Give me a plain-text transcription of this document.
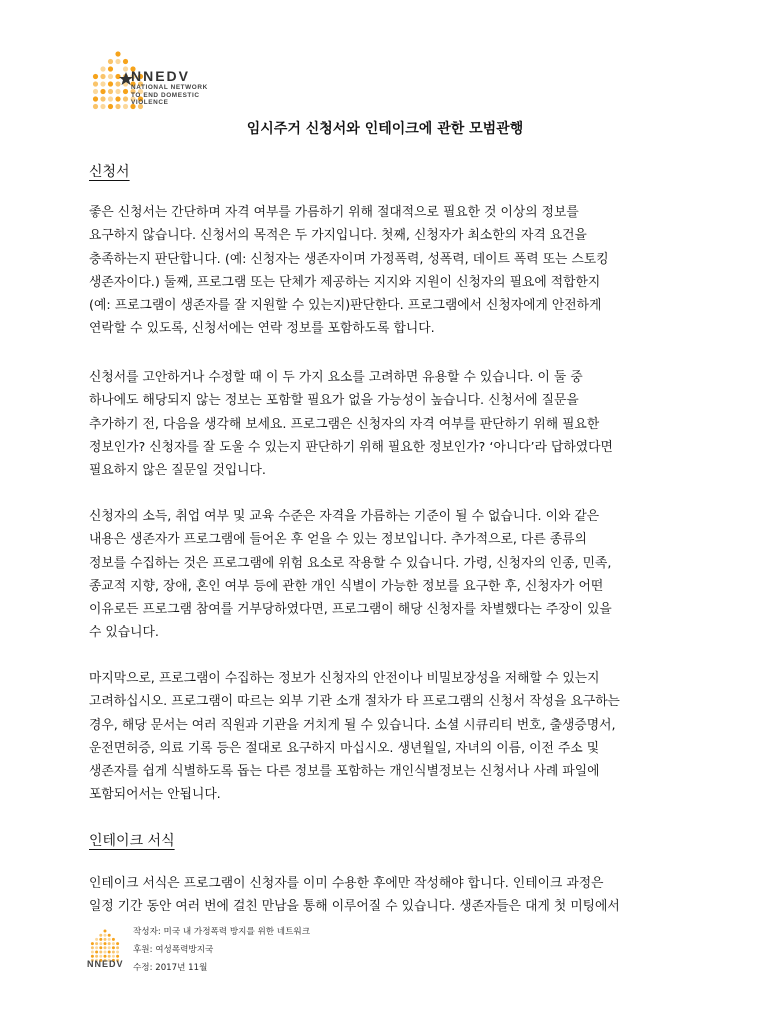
NNEDV
NATIONAL NETWORK
TO END DOMESTIC
VIOLENCE
임시주거 신청서와 인테이크에 관한 모범관행
신청서
좋은 신청서는 간단하며 자격 여부를 가름하기 위해 절대적으로 필요한 것 이상의 정보를
요구하지 않습니다. 신청서의 목적은 두 가지입니다. 첫째, 신청자가 최소한의 자격 요건을
충족하는지 판단합니다. (예: 신청자는 생존자이며 가정폭력, 성폭력, 데이트 폭력 또는 스토킹
생존자이다.) 둘째, 프로그램 또는 단체가 제공하는 지지와 지원이 신청자의 필요에 적합한지
(예: 프로그램이 생존자를 잘 지원할 수 있는지)판단한다. 프로그램에서 신청자에게 안전하게
연락할 수 있도록, 신청서에는 연락 정보를 포함하도록 합니다.
신청서를 고안하거나 수정할 때 이 두 가지 요소를 고려하면 유용할 수 있습니다. 이 둘 중
하나에도 해당되지 않는 정보는 포함할 필요가 없을 가능성이 높습니다. 신청서에 질문을
추가하기 전, 다음을 생각해 보세요. 프로그램은 신청자의 자격 여부를 판단하기 위해 필요한
정보인가? 신청자를 잘 도울 수 있는지 판단하기 위해 필요한 정보인가? ‘아니다’라 답하였다면
필요하지 않은 질문일 것입니다.
신청자의 소득, 취업 여부 및 교육 수준은 자격을 가름하는 기준이 될 수 없습니다. 이와 같은
내용은 생존자가 프로그램에 들어온 후 얻을 수 있는 정보입니다. 추가적으로, 다른 종류의
정보를 수집하는 것은 프로그램에 위험 요소로 작용할 수 있습니다. 가령, 신청자의 인종, 민족,
종교적 지향, 장애, 혼인 여부 등에 관한 개인 식별이 가능한 정보를 요구한 후, 신청자가 어떤
이유로든 프로그램 참여를 거부당하였다면, 프로그램이 해당 신청자를 차별했다는 주장이 있을
수 있습니다.
마지막으로, 프로그램이 수집하는 정보가 신청자의 안전이나 비밀보장성을 저해할 수 있는지
고려하십시오. 프로그램이 따르는 외부 기관 소개 절차가 타 프로그램의 신청서 작성을 요구하는
경우, 해당 문서는 여러 직원과 기관을 거치게 될 수 있습니다. 소셜 시큐리티 번호, 출생증명서,
운전면허증, 의료 기록 등은 절대로 요구하지 마십시오. 생년월일, 자녀의 이름, 이전 주소 및
생존자를 쉽게 식별하도록 돕는 다른 정보를 포함하는 개인식별정보는 신청서나 사례 파일에
포함되어서는 안됩니다.
인테이크 서식
인테이크 서식은 프로그램이 신청자를 이미 수용한 후에만 작성해야 합니다. 인테이크 과정은
일정 기간 동안 여러 번에 걸친 만남을 통해 이루어질 수 있습니다. 생존자들은 대게 첫 미팅에서
NNEDV
작성자: 미국 내 가정폭력 방지를 위한 네트워크
후원: 여성폭력방지국
수정: 2017년 11월
